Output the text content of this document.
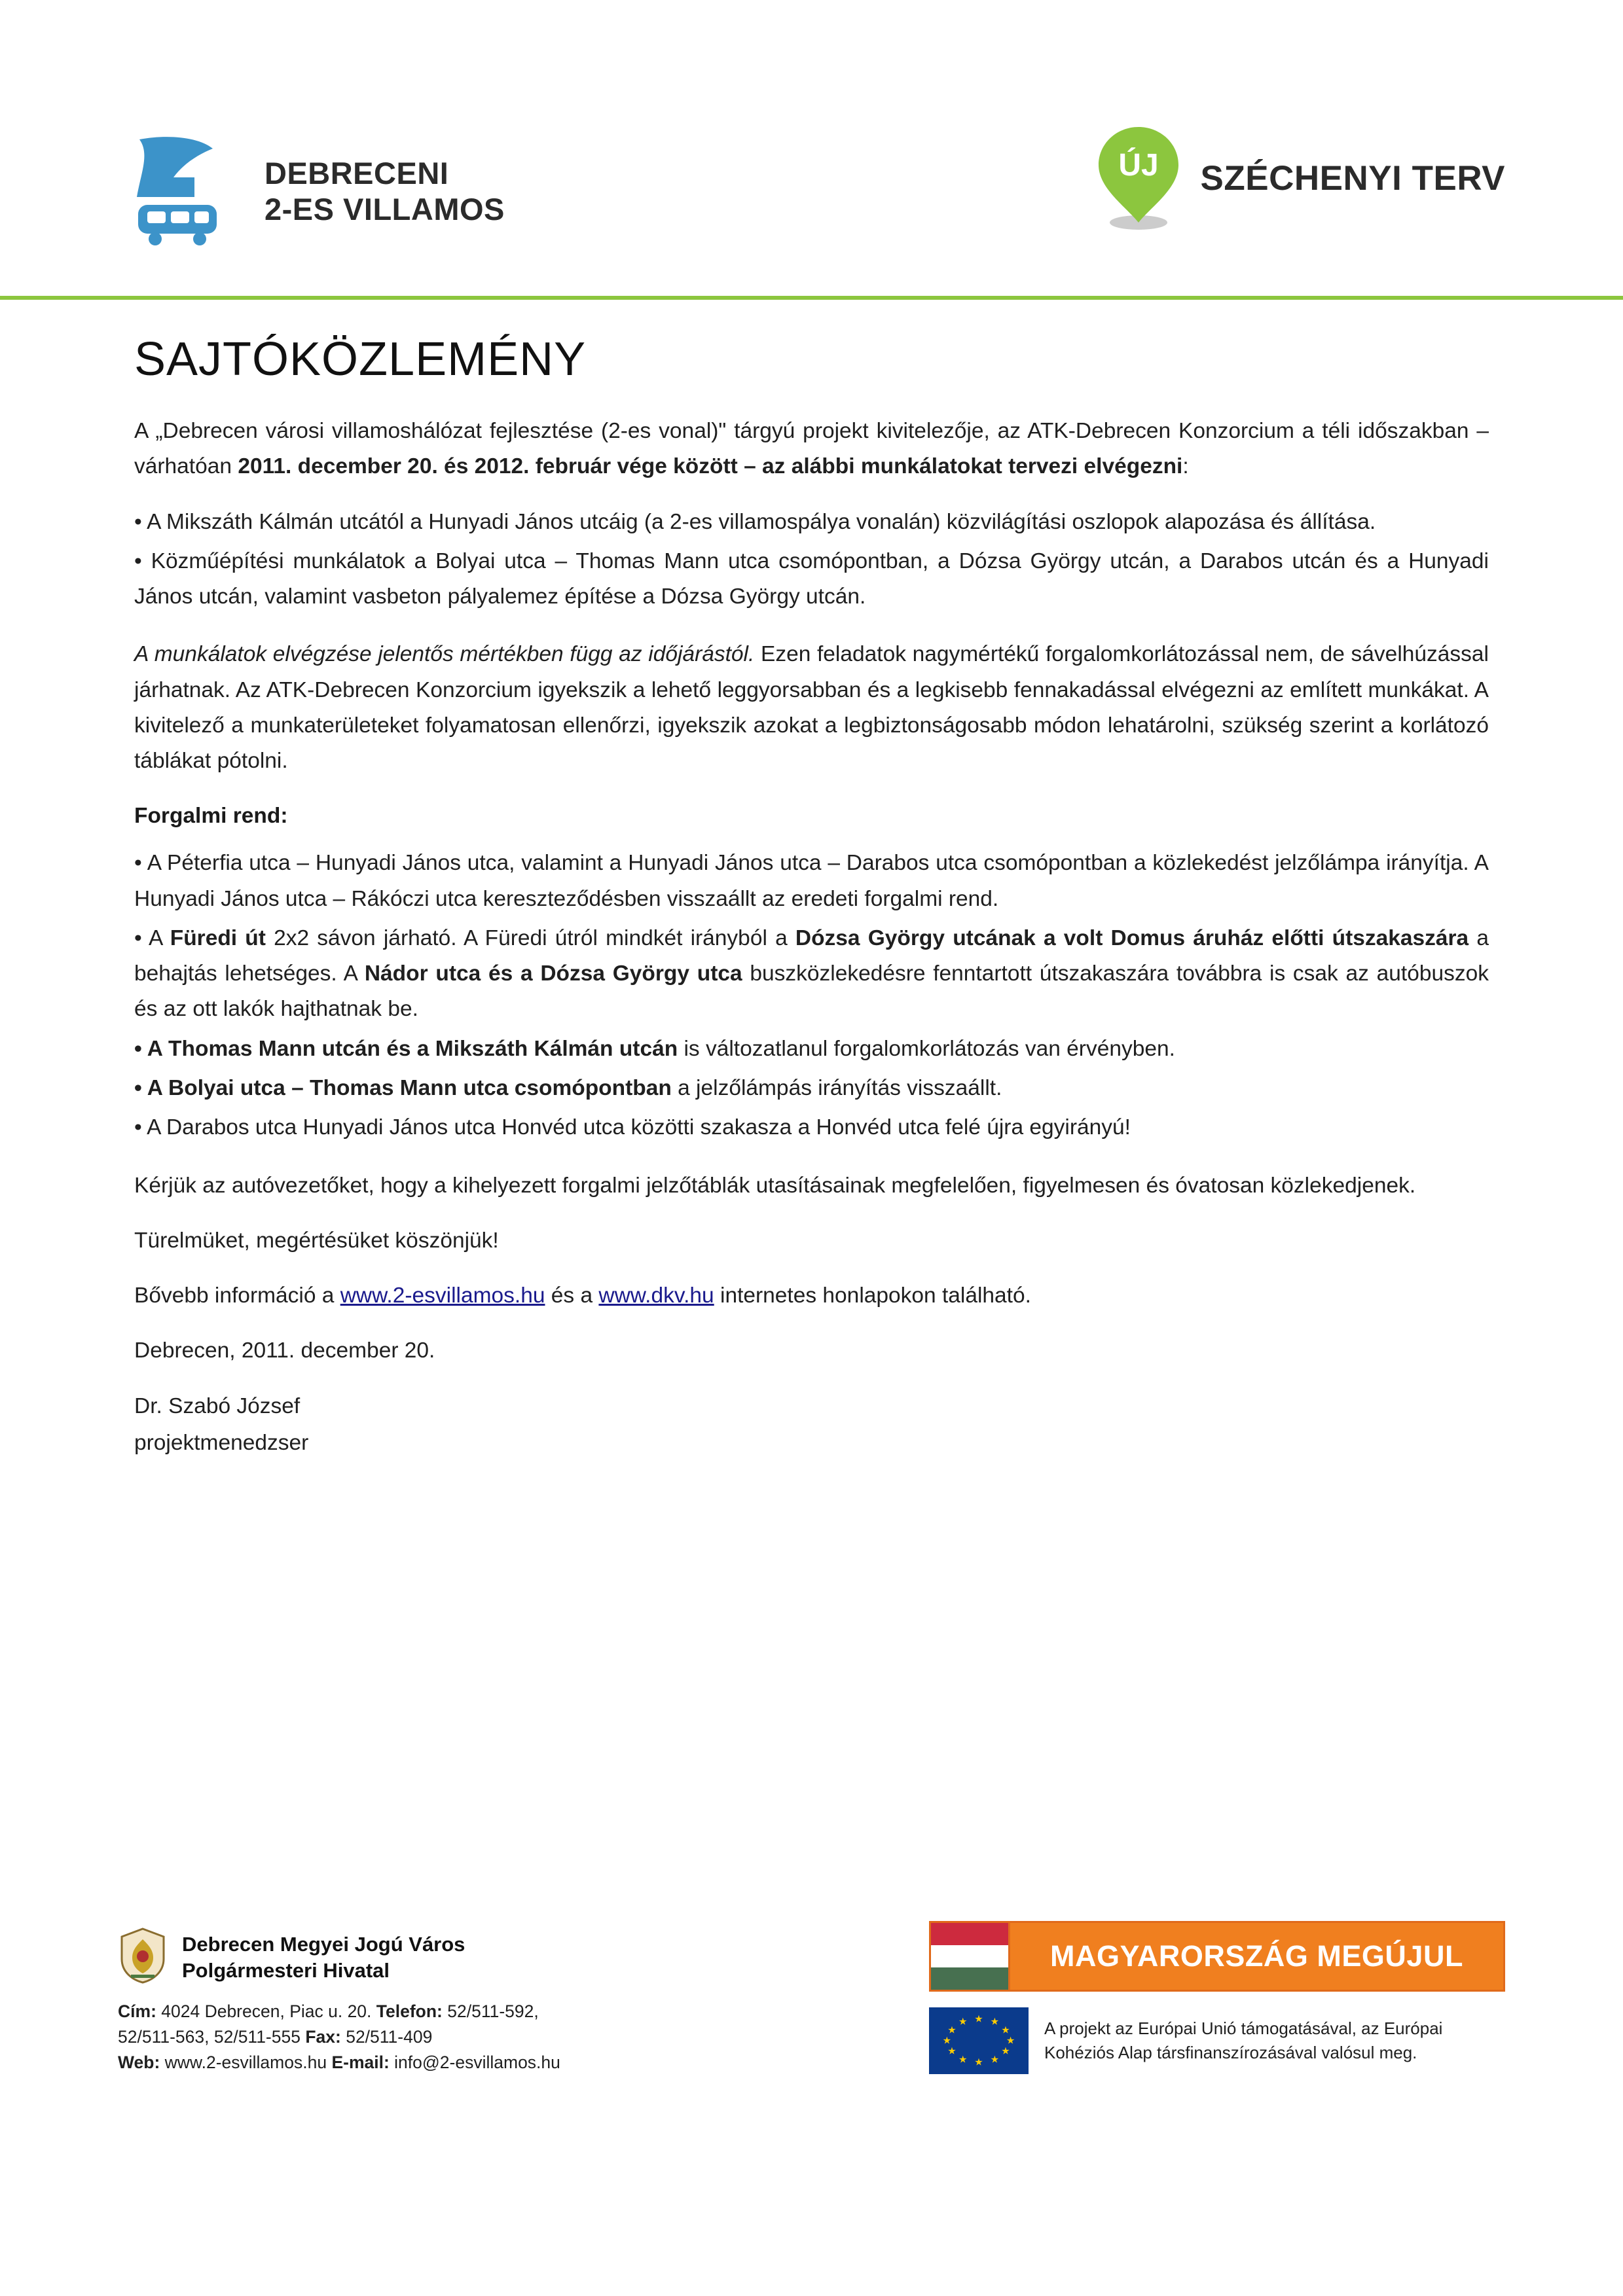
DEBRECENI
2-ES VILLAMOS
ÚJ SZÉCHENYI TERV
SAJTÓKÖZLEMÉNY

A „Debrecen városi villamoshálózat fejlesztése (2-es vonal)" tárgyú projekt kivitelezője, az ATK-Debrecen Konzorcium a téli időszakban – várhatóan 2011. december 20. és 2012. február vége között – az alábbi munkálatokat tervezi elvégezni:

• A Mikszáth Kálmán utcától a Hunyadi János utcáig (a 2-es villamospálya vonalán) közvilágítási oszlopok alapozása és állítása.

• Közműépítési munkálatok a Bolyai utca – Thomas Mann utca csomópontban, a Dózsa György utcán, a Darabos utcán és a Hunyadi János utcán, valamint vasbeton pályalemez építése a Dózsa György utcán.

A munkálatok elvégzése jelentős mértékben függ az időjárástól. Ezen feladatok nagymértékű forgalomkorlátozással nem, de sávelhúzással járhatnak. Az ATK-Debrecen Konzorcium igyekszik a lehető leggyorsabban és a legkisebb fennakadással elvégezni az említett munkákat. A kivitelező a munkaterületeket folyamatosan ellenőrzi, igyekszik azokat a legbiztonságosabb módon lehatárolni, szükség szerint a korlátozó táblákat pótolni.

Forgalmi rend:

• A Péterfia utca – Hunyadi János utca, valamint a Hunyadi János utca – Darabos utca csomópontban a közlekedést jelzőlámpa irányítja. A Hunyadi János utca – Rákóczi utca kereszteződésben visszaállt az eredeti forgalmi rend.

• A Füredi út 2x2 sávon járható. A Füredi útról mindkét irányból a Dózsa György utcának a volt Domus áruház előtti útszakaszára a behajtás lehetséges. A Nádor utca és a Dózsa György utca buszközlekedésre fenntartott útszakaszára továbbra is csak az autóbuszok és az ott lakók hajthatnak be.

• A Thomas Mann utcán és a Mikszáth Kálmán utcán is változatlanul forgalomkorlátozás van érvényben.

• A Bolyai utca – Thomas Mann utca csomópontban a jelzőlámpás irányítás visszaállt.

• A Darabos utca Hunyadi János utca Honvéd utca közötti szakasza a Honvéd utca felé újra egyirányú!

Kérjük az autóvezetőket, hogy a kihelyezett forgalmi jelzőtáblák utasításainak megfelelően, figyelmesen és óvatosan közlekedjenek.

Türelmüket, megértésüket köszönjük!

Bővebb információ a www.2-esvillamos.hu és a www.dkv.hu internetes honlapokon található.

Debrecen, 2011. december 20.

Dr. Szabó József

projektmenedzser

Debrecen Megyei Jogú Város
Polgármesteri Hivatal
Cím: 4024 Debrecen, Piac u. 20. Telefon: 52/511-592,
52/511-563, 52/511-555 Fax: 52/511-409
Web: www.2-esvillamos.hu E-mail: info@2-esvillamos.hu
MAGYARORSZÁG MEGÚJUL
★ ★
★
★
★
★
★
★
★
★
★
★	A projekt az Európai Unió támogatásával, az Európai
Kohéziós Alap társfinanszírozásával valósul meg.
